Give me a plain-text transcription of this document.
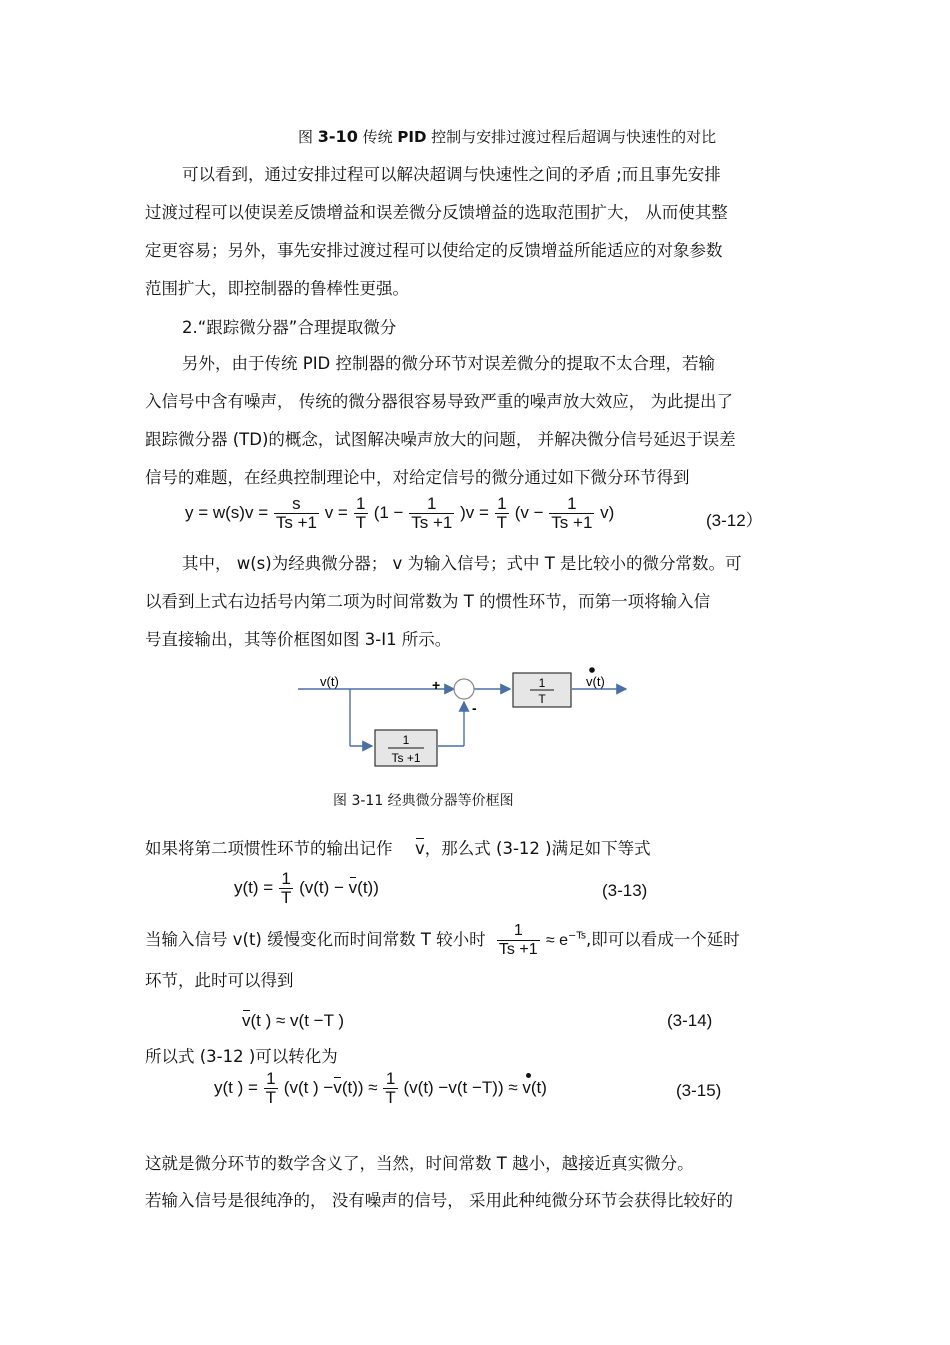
图 3-10 传统 PID 控制与安排过渡过程后超调与快速性的对比
可以看到，通过安排过程可以解决超调与快速性之间的矛盾 ;而且事先安排
过渡过程可以使误差反馈增益和误差微分反馈增益的选取范围扩大， 从而使其整
定更容易；另外，事先安排过渡过程可以使给定的反馈增益所能适应的对象参数
范围扩大，即控制器的鲁棒性更强。
2.“跟踪微分器”合理提取微分
另外，由于传统 PID 控制器的微分环节对误差微分的提取不太合理，若输
入信号中含有噪声， 传统的微分器很容易导致严重的噪声放大效应， 为此提出了
跟踪微分器 (TD)的概念，试图解决噪声放大的问题， 并解决微分信号延迟于误差
信号的难题，在经典控制理论中，对给定信号的微分通过如下微分环节得到
$y = w(s)v = \frac{s}{Ts +1}$ $v = \frac{1}{T} (1 - \frac{1}{Ts +1} )v = \frac{1}{T} (v - \frac{1}{Ts +1} v)$	(3-12）
其中， w(s)为经典微分器； v 为输入信号；式中 T 是比较小的微分常数。可
以看到上式右边括号内第二项为时间常数为 T 的惯性环节，而第一项将输入信
号直接输出，其等价框图如图 3-I1 所示。
v(t)	+
-
1
T
1
Ts +1
v(t)
图 3-11 经典微分器等价框图
如果将第二项惯性环节的输出记作 v，那么式 (3-12 )满足如下等式
$y(t) = \frac{1}{T} (v(t) - v(t))$	(3-13)
当输入信号 v(t) 缓慢变化而时间常数 T 较小时 $\frac{1}{Ts +1} \approx e^{-Ts}$,即可以看成一个延时
环节，此时可以得到
v(t ) ≈ v(t −T )	(3-14)
所以式 (3-12 )可以转化为
y(t ) = $\frac{1}{T} (v(t$ ) $-v(t)) \approx \frac{1}{T} (v(t) -v(t -T)) \approx v(t)$	(3-15)
这就是微分环节的数学含义了，当然，时间常数 T 越小，越接近真实微分。
若输入信号是很纯净的， 没有噪声的信号， 采用此种纯微分环节会获得比较好的
